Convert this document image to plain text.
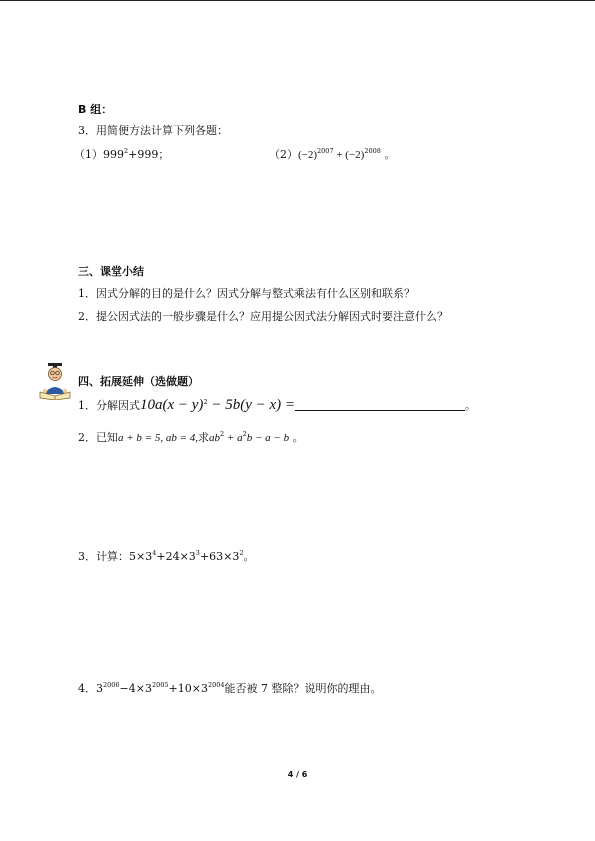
B 组：
3．用简便方法计算下列各题：
$(1)999^2+999$；	$(2)(-2)^{2007} + (-2)^{2008}$ 。
三、课堂小结
1．因式分解的目的是什么？因式分解与整式乘法有什么区别和联系？
2．提公因式法的一般步骤是什么？应用提公因式法分解因式时要注意什么？
四、拓展延伸（选做题）
1．分解因式$10a(x - y)^2 - 5b(y - x)$ =	。
2．已知a + b = 5, ab = 4,求$ab^2 + a^2b - a - b$ 。
3．计算：$5\times 3^4+24\times 3^3+63\times 3^2$。
4．$3^{2006}-4\times 3^{2005}+10\times 3^{2004}$能否被 7 整除？说明你的理由。
4 / 6
